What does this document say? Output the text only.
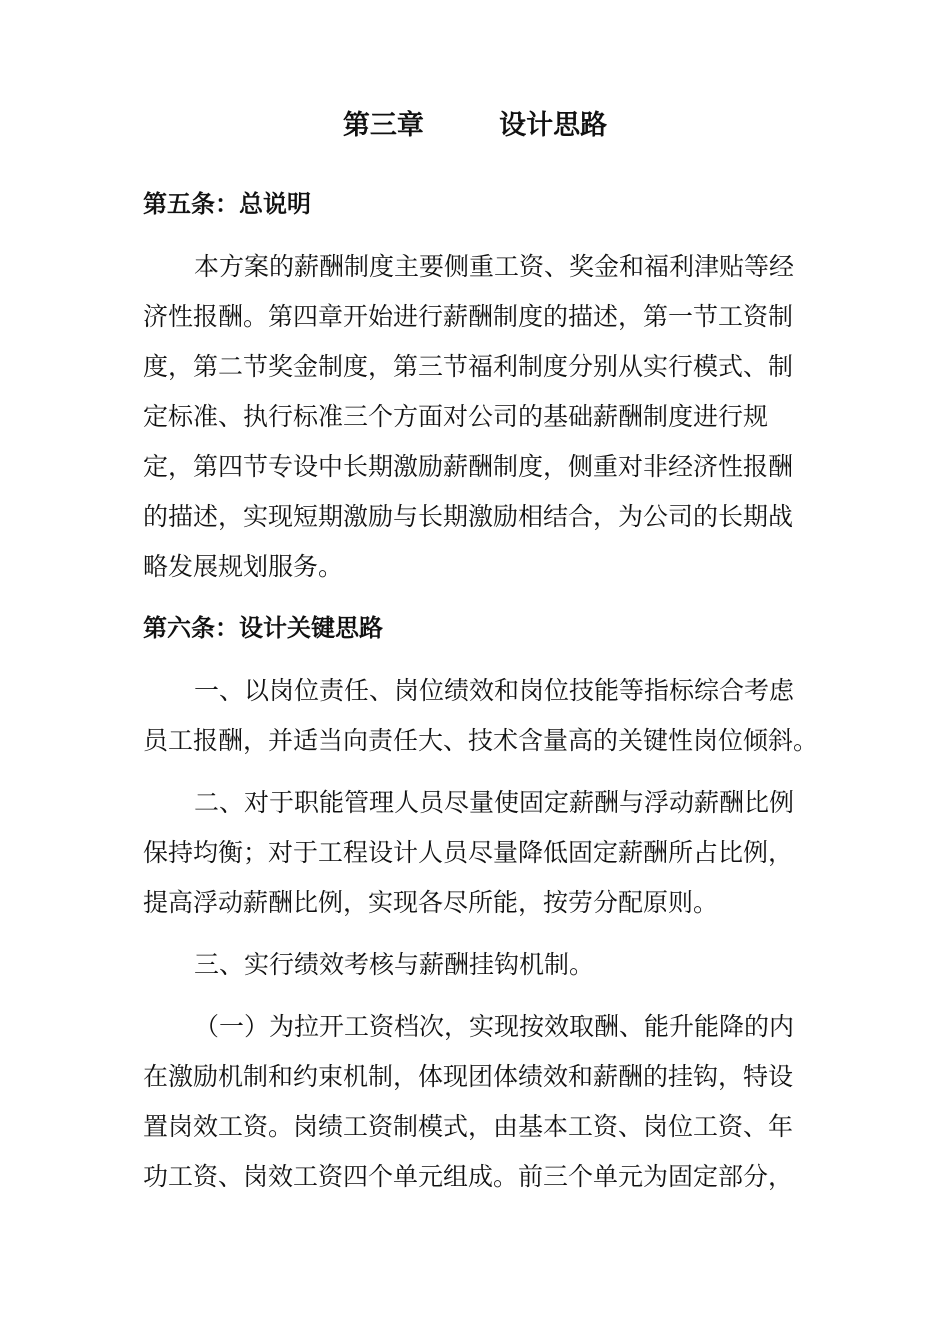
第三章        设计思路
第五条：总说明
本方案的薪酬制度主要侧重工资、奖金和福利津贴等经
济性报酬。第四章开始进行薪酬制度的描述，第一节工资制
度，第二节奖金制度，第三节福利制度分别从实行模式、制
定标准、执行标准三个方面对公司的基础薪酬制度进行规
定，第四节专设中长期激励薪酬制度，侧重对非经济性报酬
的描述，实现短期激励与长期激励相结合，为公司的长期战
略发展规划服务。
第六条：设计关键思路
一、以岗位责任、岗位绩效和岗位技能等指标综合考虑
员工报酬，并适当向责任大、技术含量高的关键性岗位倾斜。
二、对于职能管理人员尽量使固定薪酬与浮动薪酬比例
保持均衡；对于工程设计人员尽量降低固定薪酬所占比例，
提高浮动薪酬比例，实现各尽所能，按劳分配原则。
三、实行绩效考核与薪酬挂钩机制。
（一）为拉开工资档次，实现按效取酬、能升能降的内
在激励机制和约束机制，体现团体绩效和薪酬的挂钩，特设
置岗效工资。岗绩工资制模式，由基本工资、岗位工资、年
功工资、岗效工资四个单元组成。前三个单元为固定部分，
